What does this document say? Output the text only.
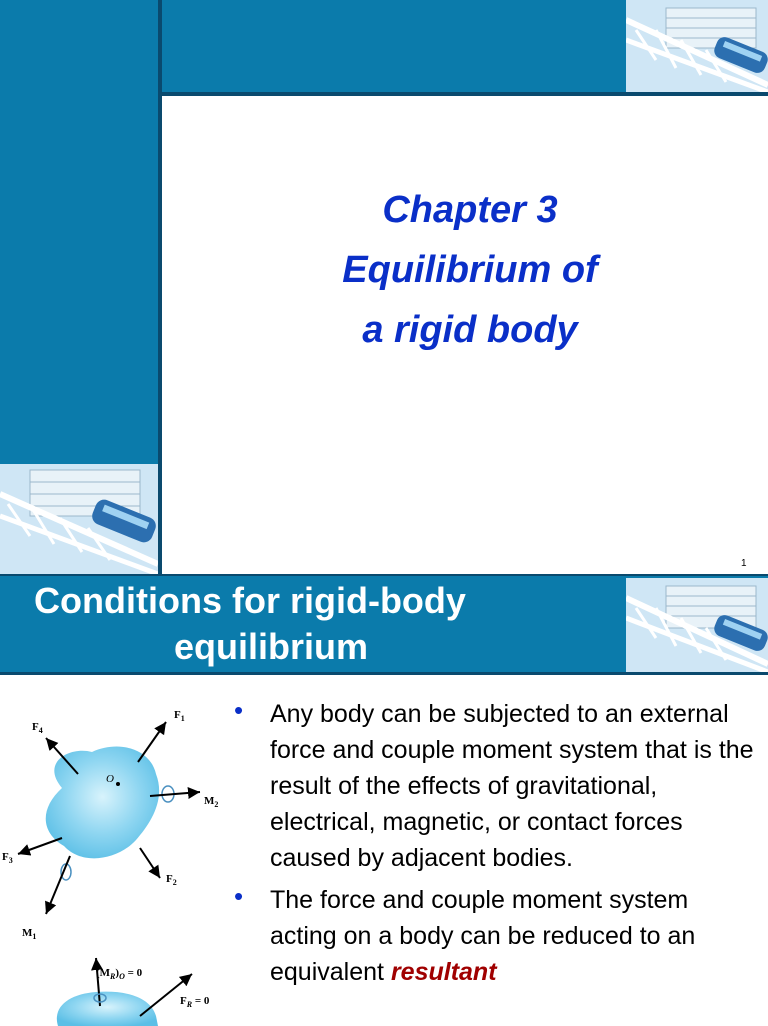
Chapter 3
Equilibrium of
a rigid body
1
Conditions for rigid-body
equilibrium
O
$F_1$
$F_4$
$M_2$
$F_3$
$F_2$
$M_1$
$(M_R)_O = 0$
$F_R = 0$
• Any body can be subjected to an external force and couple moment system that is the result of the effects of gravitational, electrical, magnetic, or contact forces caused by adjacent bodies.
• The force and couple moment system acting on a body can be reduced to an equivalent resultant
